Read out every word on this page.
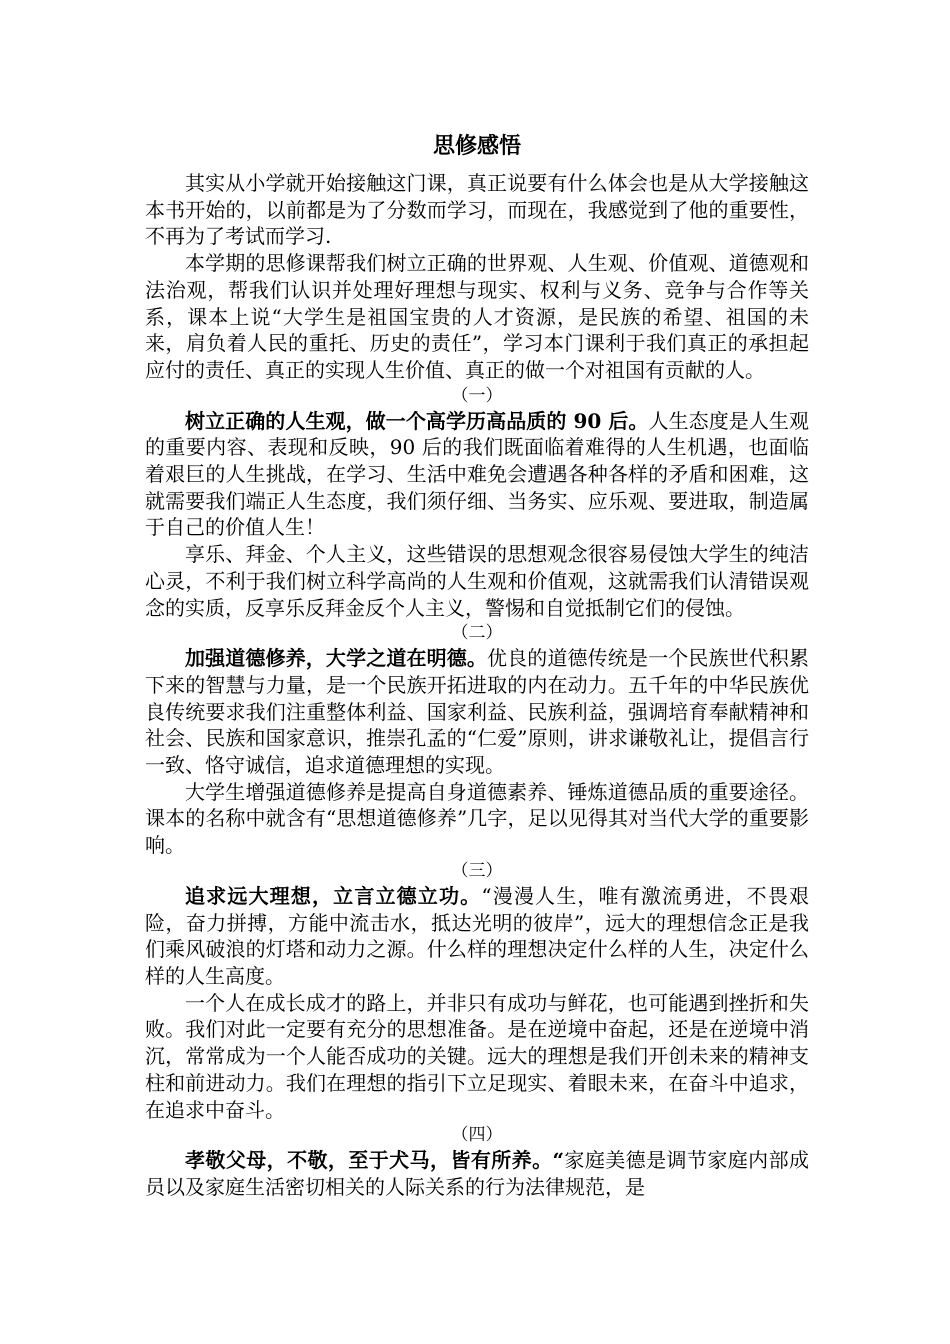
思修感悟

其实从小学就开始接触这门课，真正说要有什么体会也是从大学接触这本书开始的，以前都是为了分数而学习，而现在，我感觉到了他的重要性，不再为了考试而学习.

本学期的思修课帮我们树立正确的世界观、人生观、价值观、道德观和法治观，帮我们认识并处理好理想与现实、权利与义务、竞争与合作等关系，课本上说“大学生是祖国宝贵的人才资源，是民族的希望、祖国的未来，肩负着人民的重托、历史的责任”，学习本门课利于我们真正的承担起应付的责任、真正的实现人生价值、真正的做一个对祖国有贡献的人。

（一）

树立正确的人生观，做一个高学历高品质的 90 后。人生态度是人生观的重要内容、表现和反映，90 后的我们既面临着难得的人生机遇，也面临着艰巨的人生挑战，在学习、生活中难免会遭遇各种各样的矛盾和困难，这就需要我们端正人生态度，我们须仔细、当务实、应乐观、要进取，制造属于自己的价值人生！

享乐、拜金、个人主义，这些错误的思想观念很容易侵蚀大学生的纯洁心灵，不利于我们树立科学高尚的人生观和价值观，这就需我们认清错误观念的实质，反享乐反拜金反个人主义，警惕和自觉抵制它们的侵蚀。

（二）

加强道德修养，大学之道在明德。优良的道德传统是一个民族世代积累下来的智慧与力量，是一个民族开拓进取的内在动力。五千年的中华民族优良传统要求我们注重整体利益、国家利益、民族利益，强调培育奉献精神和社会、民族和国家意识，推崇孔孟的“仁爱”原则，讲求谦敬礼让，提倡言行一致、恪守诚信，追求道德理想的实现。

大学生增强道德修养是提高自身道德素养、锤炼道德品质的重要途径。课本的名称中就含有“思想道德修养”几字，足以见得其对当代大学的重要影响。

（三）

追求远大理想，立言立德立功。“漫漫人生，唯有激流勇进，不畏艰险，奋力拼搏，方能中流击水，抵达光明的彼岸”，远大的理想信念正是我们乘风破浪的灯塔和动力之源。什么样的理想决定什么样的人生，决定什么样的人生高度。

一个人在成长成才的路上，并非只有成功与鲜花，也可能遇到挫折和失败。我们对此一定要有充分的思想准备。是在逆境中奋起，还是在逆境中消沉，常常成为一个人能否成功的关键。远大的理想是我们开创未来的精神支柱和前进动力。我们在理想的指引下立足现实、着眼未来，在奋斗中追求，在追求中奋斗。

（四）

孝敬父母，不敬，至于犬马，皆有所养。“家庭美德是调节家庭内部成员以及家庭生活密切相关的人际关系的行为法律规范，是
